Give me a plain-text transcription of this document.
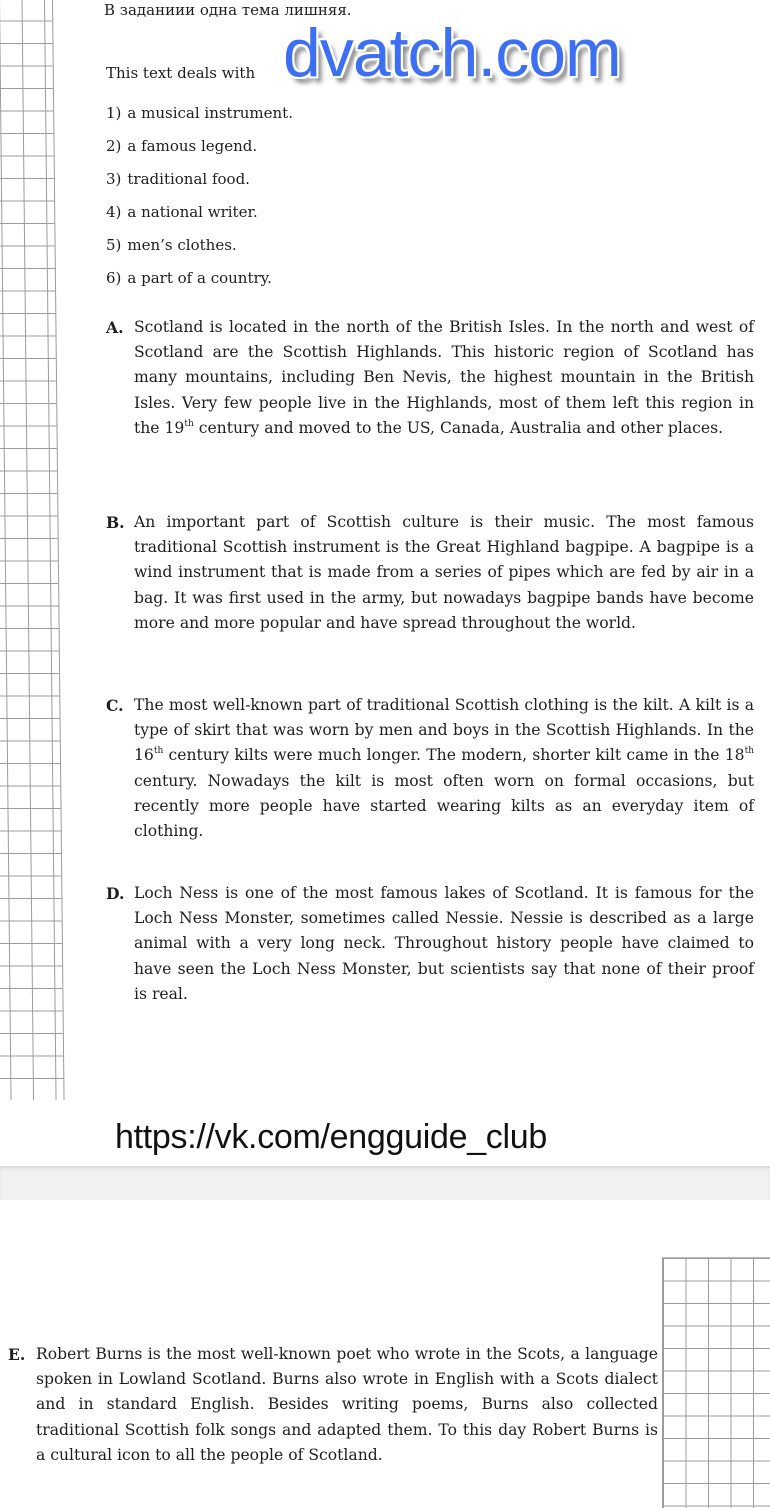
В заданиии одна тема лишняя.
This text deals with
1) a musical instrument.
2) a famous legend.
3) traditional food.
4) a national writer.
5) men’s clothes.
6) a part of a country.
A. Scotland is located in the north of the British Isles. In the north and west of Scotland are the Scottish Highlands. This historic region of Scotland has many mountains, including Ben Nevis, the highest mountain in the British Isles. Very few people live in the Highlands, most of them left this region in the 19th century and moved to the US, Canada, Australia and other places.
B. An important part of Scottish culture is their music. The most famous traditional Scottish instrument is the Great Highland bagpipe. A bagpipe is a wind instrument that is made from a series of pipes which are fed by air in a bag. It was first used in the army, but nowadays bagpipe bands have become more and more popular and have spread throughout the world.
C. The most well-known part of traditional Scottish clothing is the kilt. A kilt is a type of skirt that was worn by men and boys in the Scottish Highlands. In the 16th century kilts were much longer. The modern, shorter kilt came in the 18th century. Nowadays the kilt is most often worn on formal occasions, but recently more people have started wearing kilts as an everyday item of clothing.
D. Loch Ness is one of the most famous lakes of Scotland. It is famous for the Loch Ness Monster, sometimes called Nessie. Nessie is described as a large animal with a very long neck. Throughout history people have claimed to have seen the Loch Ness Monster, but scientists say that none of their proof is real.
https://vk.com/engguide_club
dvatch.com
E. Robert Burns is the most well-known poet who wrote in the Scots, a language spoken in Lowland Scotland. Burns also wrote in English with a Scots dialect and in standard English. Besides writing poems, Burns also collected traditional Scottish folk songs and adapted them. To this day Robert Burns is a cultural icon to all the people of Scotland.
